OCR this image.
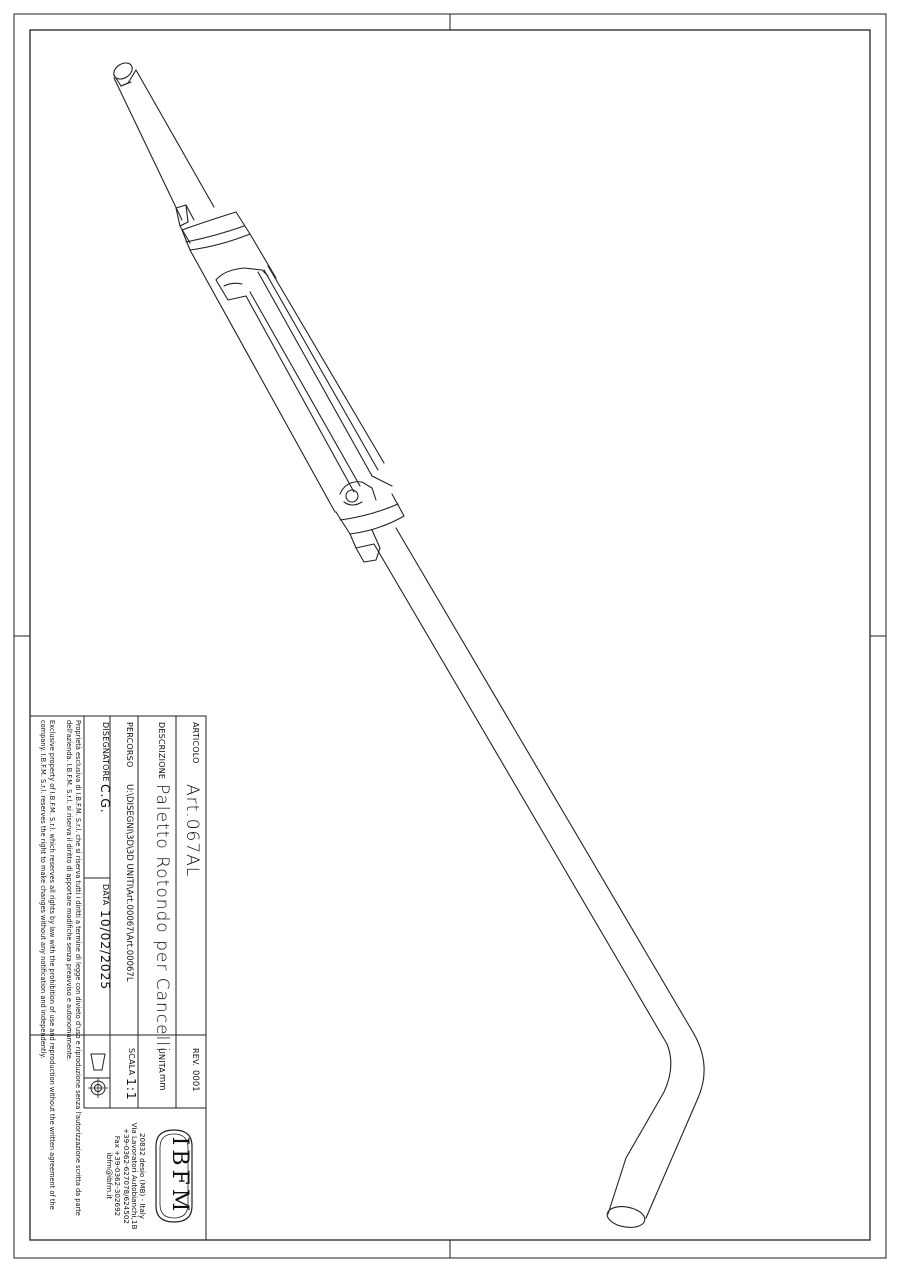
ARTICOLO
Art.067AL
REV.
0001
DESCRIZIONE
Paletto Rotondo per Cancelli
UNITA
mm
PERCORSO
U:\DISEGNI\3D\3D UNITI\Art.00067\Art.00067L
SCALA
1:1
DISEGNATORE
C.G.
DATA
10/02/2025
Proprietà esclusiva di I.B.F.M. S.r.l. che si riserva tutti i diritti a termine di legge con divieto d'uso e riproduzione senza l'autorizzazione scritta da parte dell'azienda. I.B.F.M. S.r.l. si riserva il diritto di apportare modifiche senza preavviso e autonomamente.
Exclusive property of I.B.F.M. S.r.l. which reserves all rights by law with the prohibition of use and reproduction without the written agreement of the company. I.B.F.M. S.r.l. reserves the right to make changes without any notification and independently.
IBFM
20832 desio (MB) - Italy
Via Lavoratori Autobianchi,1B
+39-0362-627078/624502
Fax +39-0362-302692
ibfm@ibfm.it
